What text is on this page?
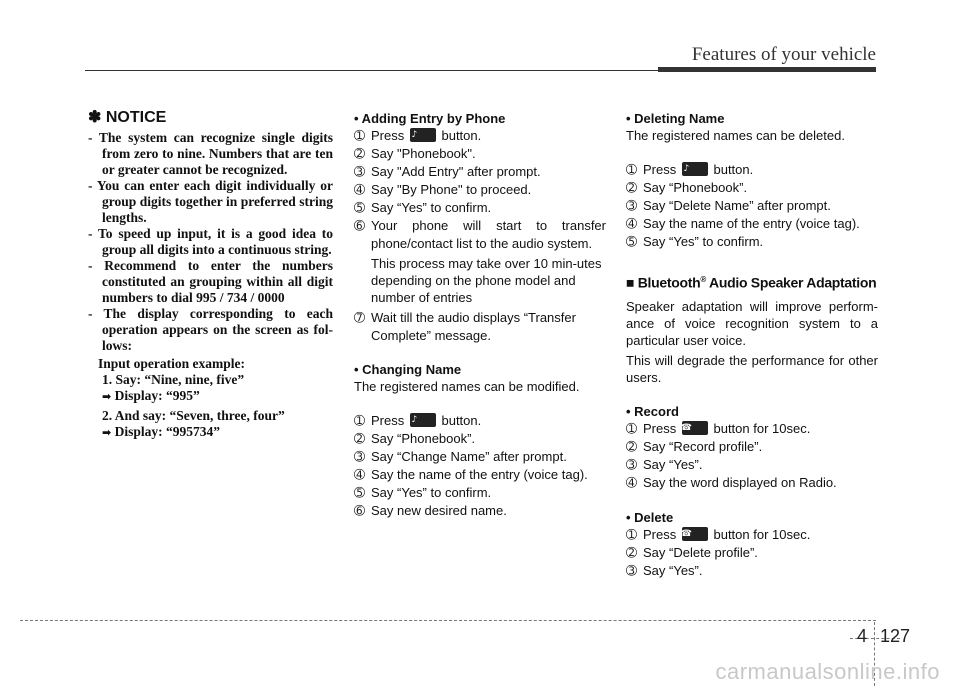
Features of your vehicle
✽ NOTICE

- The system can recognize single digits from zero to nine. Numbers that are ten or greater cannot be recognized.

- You can enter each digit individually or group digits together in preferred string lengths.

- To speed up input, it is a good idea to group all digits into a continuous string.

- Recommend to enter the numbers constituted an grouping within all digit numbers to dial 995 / 734 / 0000

- The display corresponding to each operation appears on the screen as fol-lows:

Input operation example:
1. Say: “Nine, nine, five”
➡ Display: “995”
2. And say: “Seven, three, four”
➡ Display: “995734”
• Adding Entry by Phone

➀ Press ♪	button.

➁ Say "Phonebook".

➂ Say "Add Entry" after prompt.

➃ Say "By Phone" to proceed.

➄ Say “Yes” to confirm.

➅ Your phone will start to transfer phone/contact list to the audio system.

This process may take over 10 min-utes depending on the phone model and number of entries

➆ Wait till the audio displays “Transfer Complete” message.

• Changing Name

The registered names can be modified.

➀ Press ♪	button.

➁ Say “Phonebook”.

➂ Say “Change Name” after prompt.

➃ Say the name of the entry (voice tag).

➄ Say “Yes” to confirm.

➅ Say new desired name.

• Deleting Name

The registered names can be deleted.

➀ Press ♪	button.

➁ Say “Phonebook”.

➂ Say “Delete Name” after prompt.

➃ Say the name of the entry (voice tag).

➄ Say “Yes” to confirm.

■ Bluetooth® Audio Speaker Adaptation

Speaker adaptation will improve perform-ance of voice recognition system to a particular user voice.

This will degrade the performance for other users.

• Record

➀ Press ☎	button for 10sec.

➁ Say “Record profile”.

➂ Say “Yes”.

➃ Say the word displayed on Radio.

• Delete

➀ Press ☎	button for 10sec.

➁ Say “Delete profile”.

➂ Say “Yes”.

4 127
carmanualsonline.info
